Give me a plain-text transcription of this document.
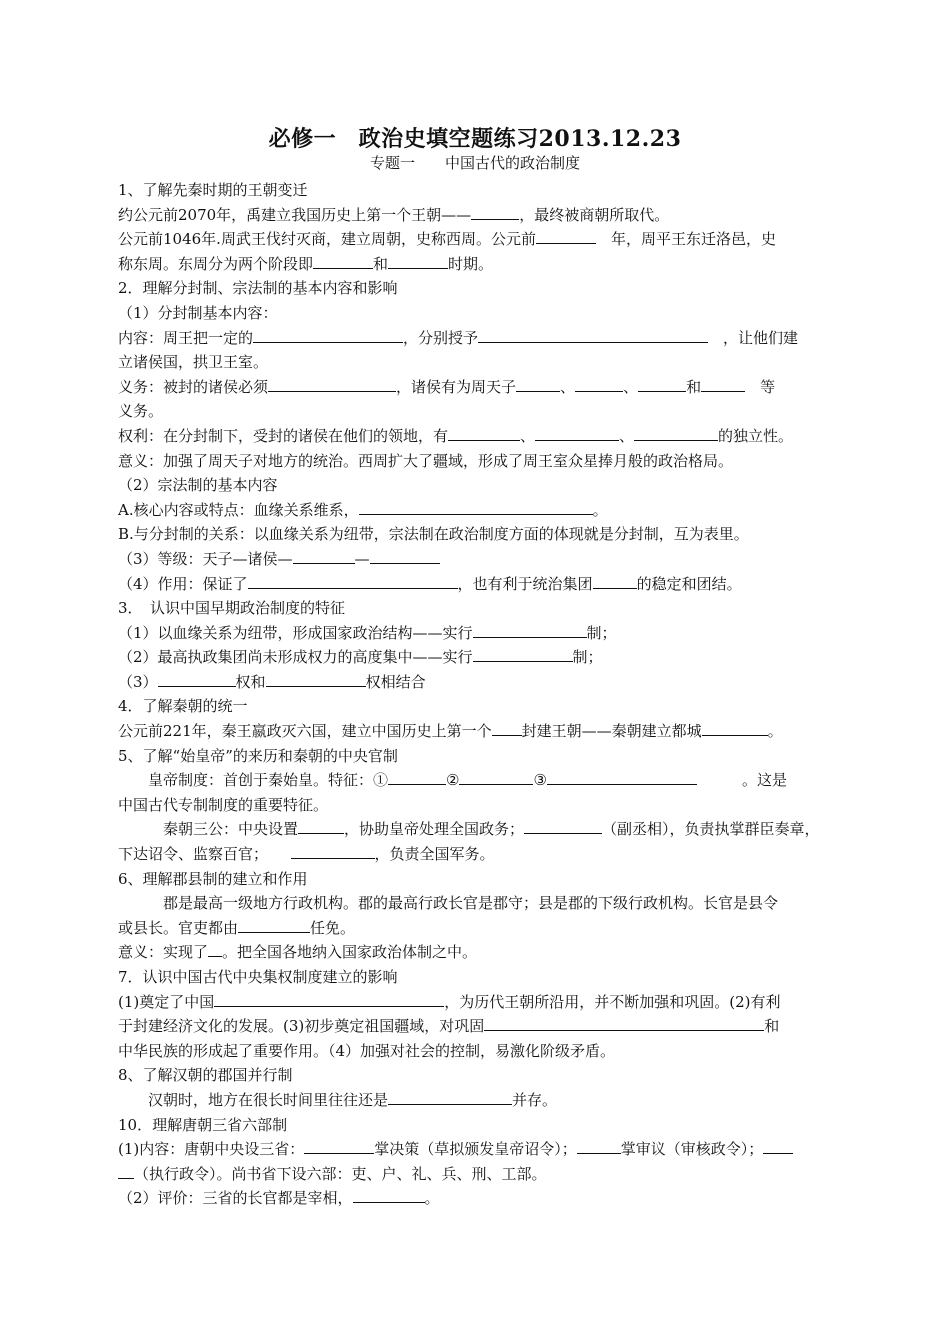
必修一　政治史填空题练习2013.12.23
专题一　　中国古代的政治制度

1、了解先秦时期的王朝变迁

约公元前2070年，禹建立我国历史上第一个王朝——	，最终被商朝所取代。

公元前1046年.周武王伐纣灭商，建立周朝，史称西周。公元前　	年，周平王东迁洛邑，史

称东周。东周分为两个阶段即	和	时期。

2．理解分封制、宗法制的基本内容和影响

（1）分封制基本内容：

内容：周王把一定的	，分别授予　	，让他们建

立诸侯国，拱卫王室。

义务：被封的诸侯必须	，诸侯有为周天子	、	、	和　	等

义务。

权利：在分封制下，受封的诸侯在他们的领地，有	、	、	的独立性。

意义：加强了周天子对地方的统治。西周扩大了疆域，形成了周王室众星捧月般的政治格局。

（2）宗法制的基本内容

A.核心内容或特点：血缘关系维系，	。

B.与分封制的关系：以血缘关系为纽带，宗法制在政治制度方面的体现就是分封制，互为表里。

（3）等级：天子—诸侯—	—

（4）作用：保证了	，也有利于统治集团	的稳定和团结。

3．　认识中国早期政治制度的特征

（1）以血缘关系为纽带，形成国家政治结构——实行	制；

（2）最高执政集团尚未形成权力的高度集中——实行	制；

（3）	权和	权相结合

4．了解秦朝的统一

公元前221年，秦王嬴政灭六国，建立中国历史上第一个 封建王朝——秦朝建立都城	。

5、了解“始皇帝”的来历和秦朝的中央官制

皇帝制度：首创于秦始皇。特征：①	②	③　　　	。这是

中国古代专制制度的重要特征。

秦朝三公：中央设置	，协助皇帝处理全国政务；	（副丞相），负责执掌群臣奏章，

下达诏令、监察百官；　　	，负责全国军务。

6、理解郡县制的建立和作用

郡是最高一级地方行政机构。郡的最高行政长官是郡守；县是郡的下级行政机构。长官是县令

或县长。官吏都由	任免。

意义：实现了 。把全国各地纳入国家政治体制之中。

7．认识中国古代中央集权制度建立的影响

(1)奠定了中国	，为历代王朝所沿用，并不断加强和巩固。(2)有利

于封建经济文化的发展。(3)初步奠定祖国疆域，对巩固	和

中华民族的形成起了重要作用。（4）加强对社会的控制，易激化阶级矛盾。

8、了解汉朝的郡国并行制

汉朝时，地方在很长时间里往往还是	并存。

10．理解唐朝三省六部制

(1)内容：唐朝中央设三省：	掌决策（草拟颁发皇帝诏令）；	掌审议（审核政令）；

（执行政令）。尚书省下设六部：吏、户、礼、兵、刑、工部。

（2）评价：三省的长官都是宰相，	。
